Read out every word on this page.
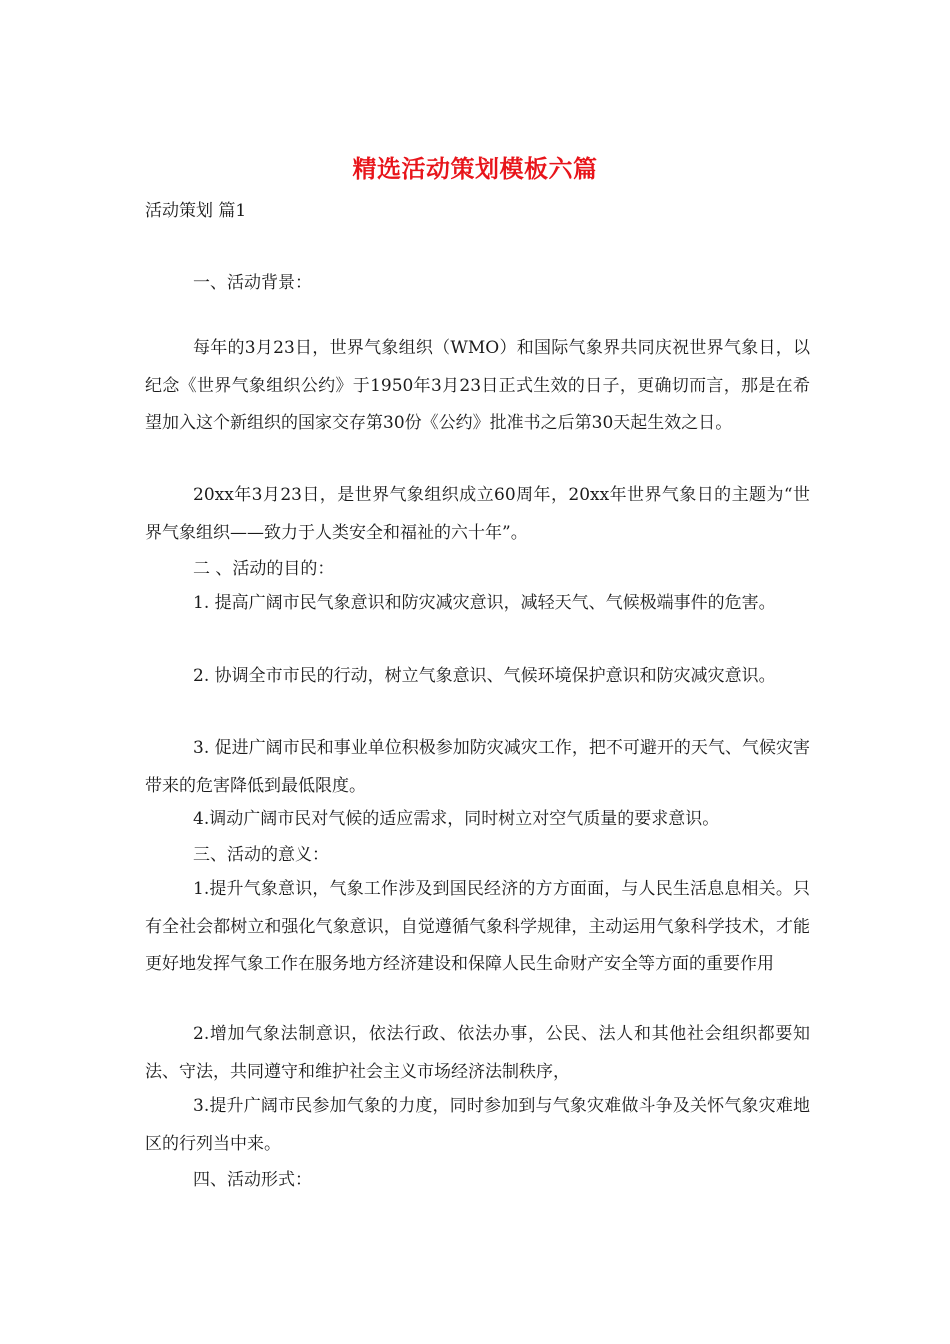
精选活动策划模板六篇
活动策划 篇1

一、活动背景：

每年的3月23日，世界气象组织（WMO）和国际气象界共同庆祝世界气象日，以纪念《世界气象组织公约》于1950年3月23日正式生效的日子，更确切而言，那是在希望加入这个新组织的国家交存第30份《公约》批准书之后第30天起生效之日。

20xx年3月23日，是世界气象组织成立60周年，20xx年世界气象日的主题为“世界气象组织——致力于人类安全和福祉的六十年”。

二 、活动的目的：

1. 提高广阔市民气象意识和防灾减灾意识，减轻天气、气候极端事件的危害。

2. 协调全市市民的行动，树立气象意识、气候环境保护意识和防灾减灾意识。

3. 促进广阔市民和事业单位积极参加防灾减灾工作，把不可避开的天气、气候灾害带来的危害降低到最低限度。

4.调动广阔市民对气候的适应需求，同时树立对空气质量的要求意识。

三、活动的意义：

1.提升气象意识，气象工作涉及到国民经济的方方面面，与人民生活息息相关。只有全社会都树立和强化气象意识，自觉遵循气象科学规律，主动运用气象科学技术，才能更好地发挥气象工作在服务地方经济建设和保障人民生命财产安全等方面的重要作用

2.增加气象法制意识，依法行政、依法办事，公民、法人和其他社会组织都要知法、守法，共同遵守和维护社会主义市场经济法制秩序，

3.提升广阔市民参加气象的力度，同时参加到与气象灾难做斗争及关怀气象灾难地区的行列当中来。

四、活动形式：
